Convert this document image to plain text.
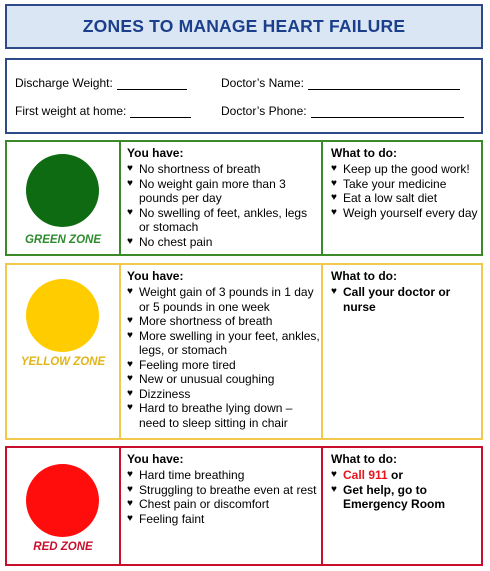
ZONES TO MANAGE HEART FAILURE
Discharge Weight:	Doctor’s Name:
First weight at home:	Doctor’s Phone:
GREEN ZONE
You have:
♥ No shortness of breath
♥ No weight gain more than 3 pounds per day
♥ No swelling of feet, ankles, legs or stomach
♥ No chest pain
What to do:
♥ Keep up the good work!
♥ Take your medicine
♥ Eat a low salt diet
♥ Weigh yourself every day
YELLOW ZONE
You have:
♥ Weight gain of 3 pounds in 1 day or 5 pounds in one week
♥ More shortness of breath
♥ More swelling in your feet, ankles, legs, or stomach
♥ Feeling more tired
♥ New or unusual coughing
♥ Dizziness
♥ Hard to breathe lying down – need to sleep sitting in chair
What to do:
♥ Call your doctor or nurse
RED ZONE
You have:
♥ Hard time breathing
♥ Struggling to breathe even at rest
♥ Chest pain or discomfort
♥ Feeling faint
What to do:
♥ Call 911 or
♥ Get help, go to Emergency Room
